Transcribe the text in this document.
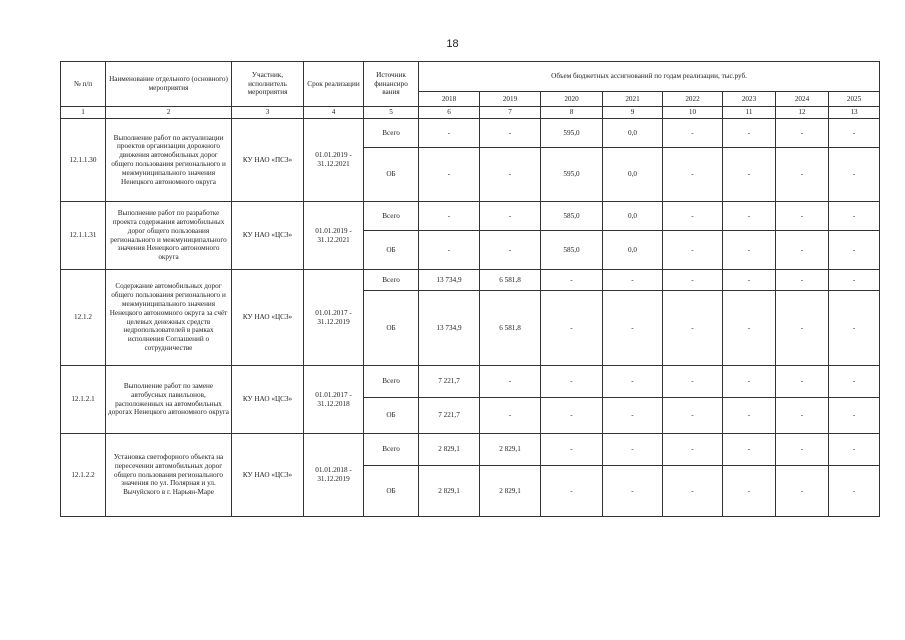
18
№ п/п	Наименование отдельного (основного) мероприятия	Участник, исполнитель мероприятия	Срок реализации	Источник финансиро вания	Объем бюджетных ассигнований по годам реализации, тыс.руб.							
					2018	2019	2020	2021	2022	2023	2024	2025
1	2	3	4	5	6	7	8	9	10	11	12	13
12.1.1.30	Выполнение работ по актуализации проектов организации дорожного движения автомобильных дорог общего пользования регионального и межмуниципального значения Ненецкого автономного округа	КУ НАО «ПСЗ»	01.01.2019 - 31.12.2021	Всего	-	-	595,0	0,0	-	-	-	-
				ОБ	-	-	595,0	0,0	-	-	-	-
12.1.1.31	Выполнение работ по разработке проекта содержания автомобильных дорог общего пользования регионального и межмуниципального значения Ненецкого автономного округа	КУ НАО «ЦСЗ»	01.01.2019 - 31.12.2021	Всего	-	-	585,0	0,0	-	-	-	-
				ОБ	-	-	585,0	0,0	-	-	-	-
12.1.2	Содержание автомобильных дорог общего пользования регионального и межмуниципального значения Ненецкого автономного округа за счёт целевых денежных средств недропользователей в рамках исполнения Соглашений о сотрудничестве	КУ НАО «ЦСЗ»	01.01.2017 - 31.12.2019	Всего	13 734,9	6 581,8	-	-	-	-	-	-
				ОБ	13 734,9	6 581,8	-	-	-	-	-	-
12.1.2.1	Выполнение работ по замене автобусных павильонов, расположенных на автомобильных дорогах Ненецкого автономного округа	КУ НАО «ЦСЗ»	01.01.2017 - 31.12.2018	Всего	7 221,7	-	-	-	-	-	-	-
				ОБ	7 221,7	-	-	-	-	-	-	-
12.1.2.2	Установка светофорного объекта на пересечении автомобильных дорог общего пользования регионального значения по ул. Полярная и ул. Вычуйского в г. Нарьян-Маре	КУ НАО «ЦСЗ»	01.01.2018 - 31.12.2019	Всего	2 829,1	2 829,1	-	-	-	-	-	-
				ОБ	2 829,1	2 829,1	-	-	-	-	-	-
